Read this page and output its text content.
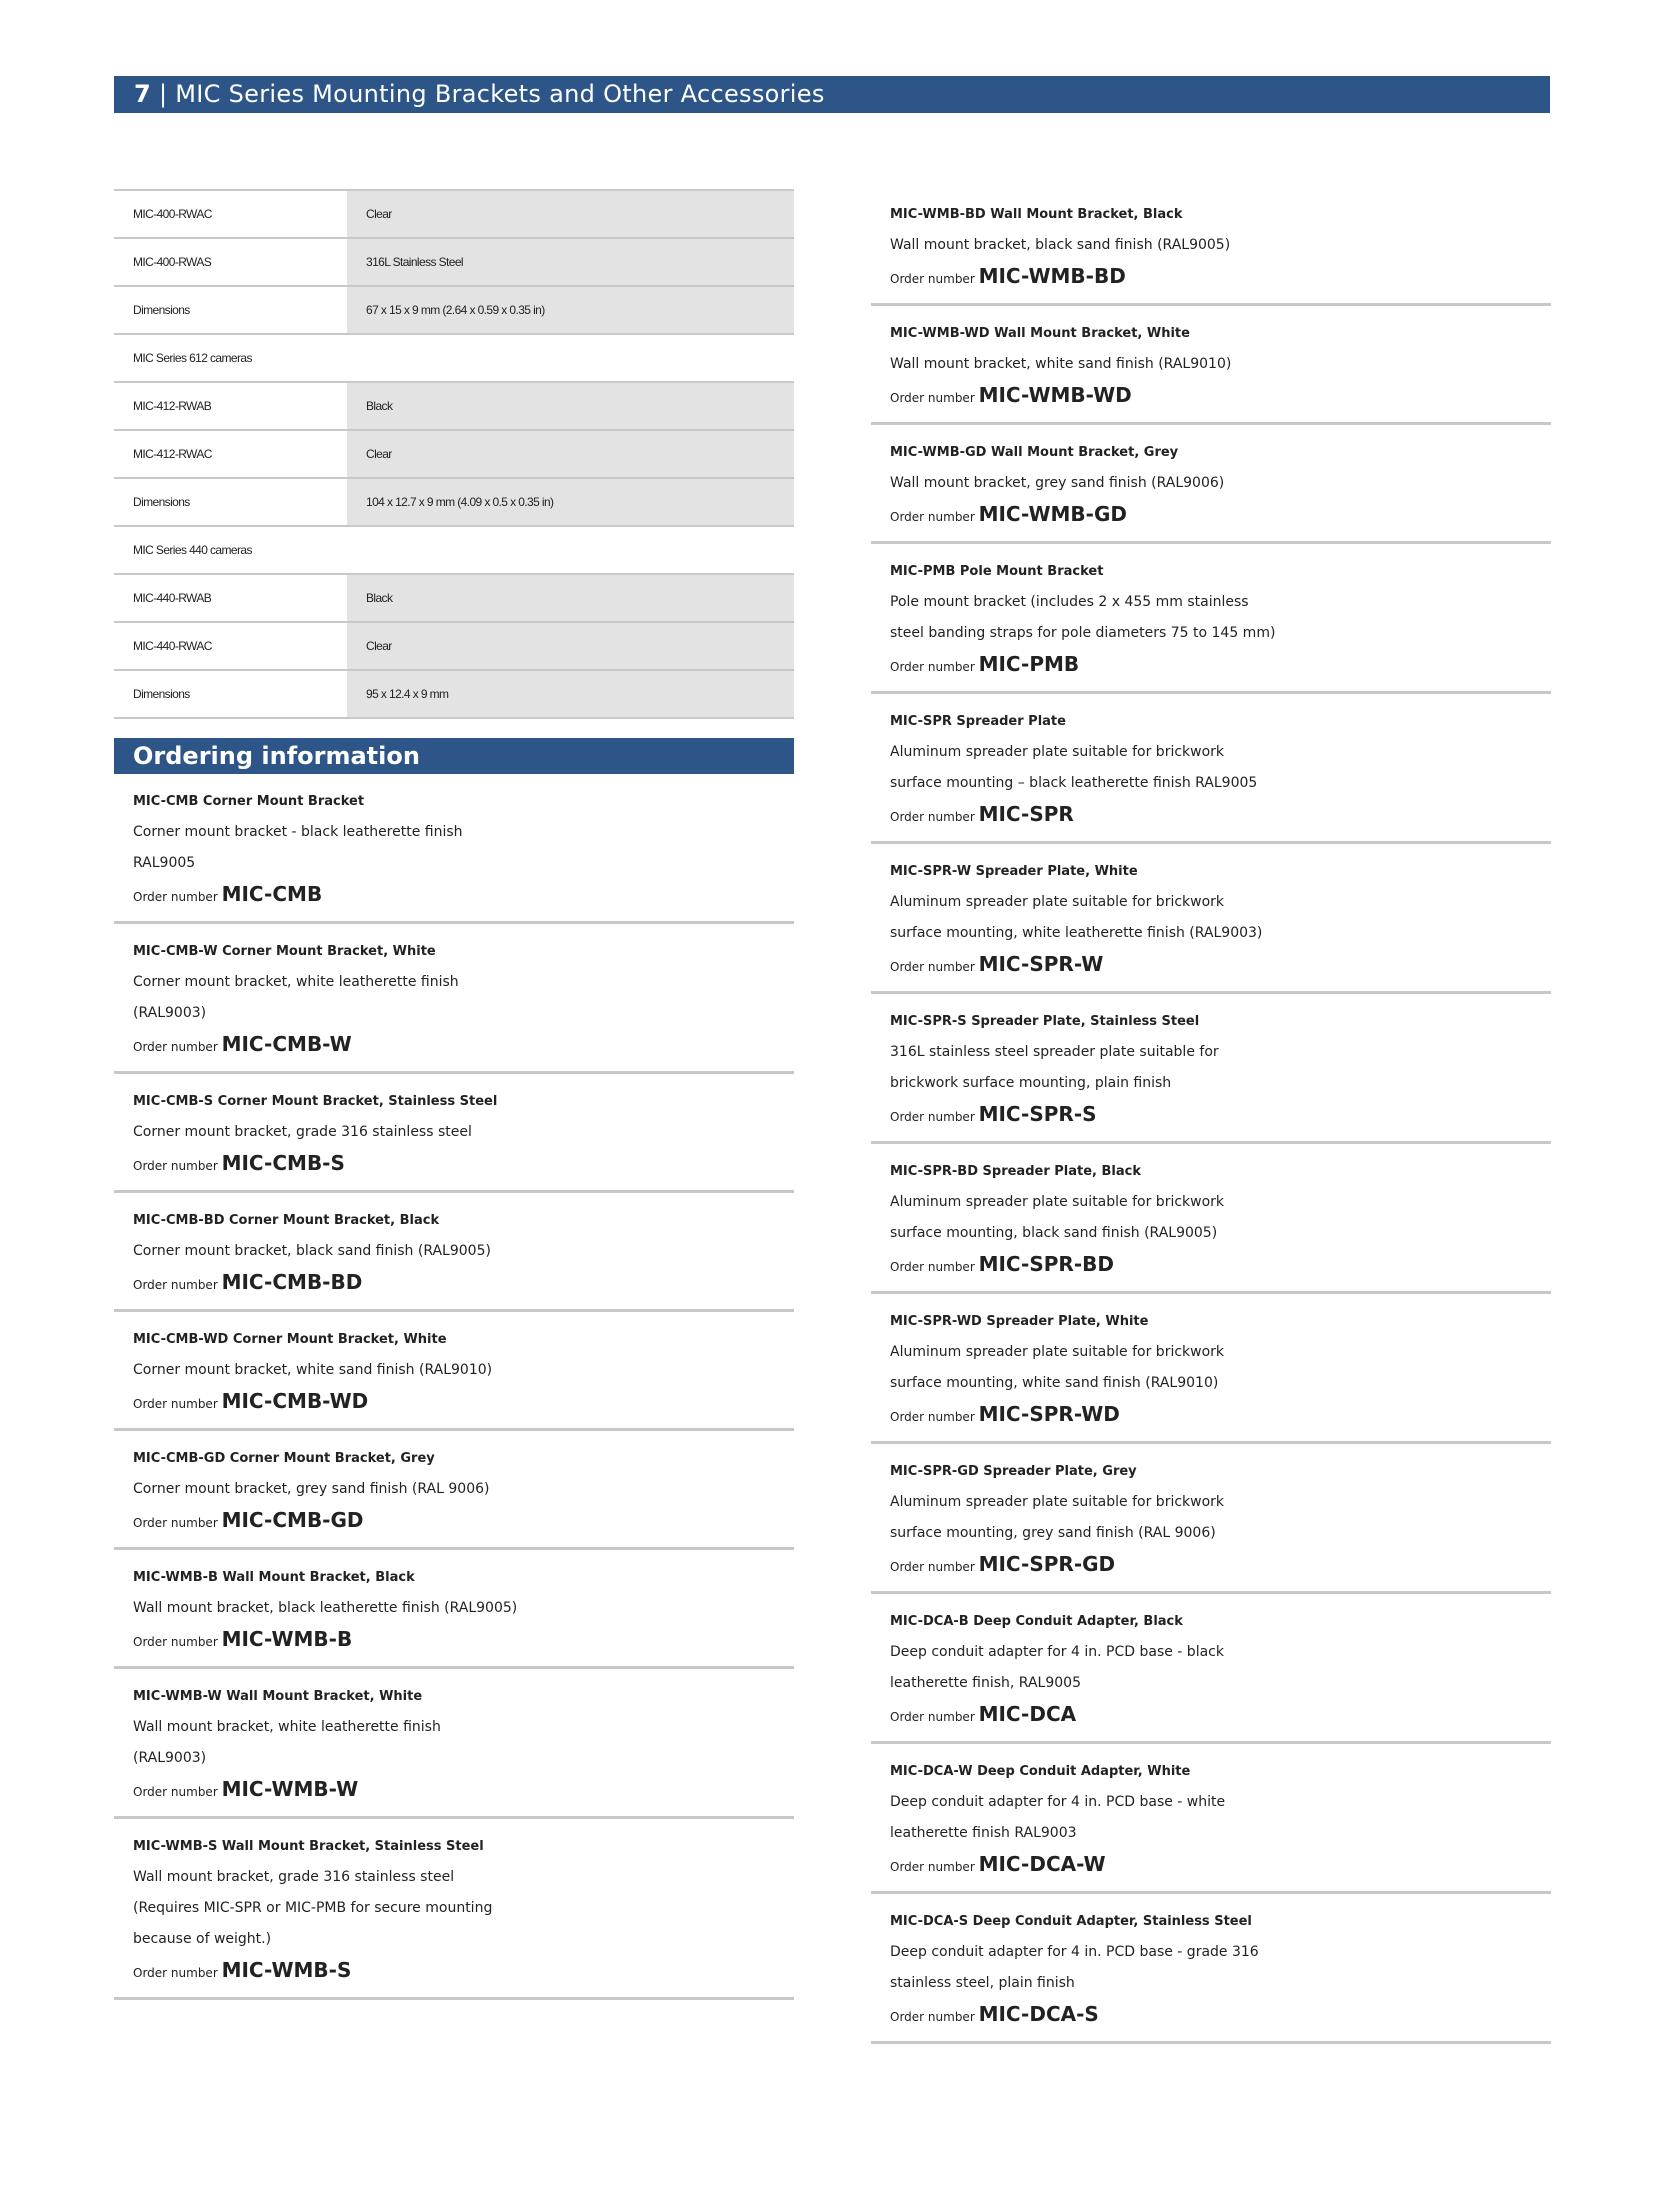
7 | MIC Series Mounting Brackets and Other Accessories
MIC-400-RWAC	Clear
MIC-400-RWAS	316L Stainless Steel
Dimensions	67 x 15 x 9 mm (2.64 x 0.59 x 0.35 in)
MIC Series 612 cameras	
MIC-412-RWAB	Black
MIC-412-RWAC	Clear
Dimensions	104 x 12.7 x 9 mm (4.09 x 0.5 x 0.35 in)
MIC Series 440 cameras	
MIC-440-RWAB	Black
MIC-440-RWAC	Clear
Dimensions	95 x 12.4 x 9 mm
Ordering information
MIC-CMB Corner Mount Bracket
Corner mount bracket - black leatherette finish
RAL9005
Order number MIC-CMB
MIC-CMB-W Corner Mount Bracket, White
Corner mount bracket, white leatherette finish
(RAL9003)
Order number MIC-CMB-W
MIC-CMB-S Corner Mount Bracket, Stainless Steel
Corner mount bracket, grade 316 stainless steel
Order number MIC-CMB-S
MIC-CMB-BD Corner Mount Bracket, Black
Corner mount bracket, black sand finish (RAL9005)
Order number MIC-CMB-BD
MIC-CMB-WD Corner Mount Bracket, White
Corner mount bracket, white sand finish (RAL9010)
Order number MIC-CMB-WD
MIC-CMB-GD Corner Mount Bracket, Grey
Corner mount bracket, grey sand finish (RAL 9006)
Order number MIC-CMB-GD
MIC-WMB-B Wall Mount Bracket, Black
Wall mount bracket, black leatherette finish (RAL9005)
Order number MIC-WMB-B
MIC-WMB-W Wall Mount Bracket, White
Wall mount bracket, white leatherette finish
(RAL9003)
Order number MIC-WMB-W
MIC-WMB-S Wall Mount Bracket, Stainless Steel
Wall mount bracket, grade 316 stainless steel
(Requires MIC-SPR or MIC-PMB for secure mounting
because of weight.)
Order number MIC-WMB-S
MIC-WMB-BD Wall Mount Bracket, Black
Wall mount bracket, black sand finish (RAL9005)
Order number MIC-WMB-BD
MIC-WMB-WD Wall Mount Bracket, White
Wall mount bracket, white sand finish (RAL9010)
Order number MIC-WMB-WD
MIC-WMB-GD Wall Mount Bracket, Grey
Wall mount bracket, grey sand finish (RAL9006)
Order number MIC-WMB-GD
MIC-PMB Pole Mount Bracket
Pole mount bracket (includes 2 x 455 mm stainless
steel banding straps for pole diameters 75 to 145 mm)
Order number MIC-PMB
MIC-SPR Spreader Plate
Aluminum spreader plate suitable for brickwork
surface mounting – black leatherette finish RAL9005
Order number MIC-SPR
MIC-SPR-W Spreader Plate, White
Aluminum spreader plate suitable for brickwork
surface mounting, white leatherette finish (RAL9003)
Order number MIC-SPR-W
MIC-SPR-S Spreader Plate, Stainless Steel
316L stainless steel spreader plate suitable for
brickwork surface mounting, plain finish
Order number MIC-SPR-S
MIC-SPR-BD Spreader Plate, Black
Aluminum spreader plate suitable for brickwork
surface mounting, black sand finish (RAL9005)
Order number MIC-SPR-BD
MIC-SPR-WD Spreader Plate, White
Aluminum spreader plate suitable for brickwork
surface mounting, white sand finish (RAL9010)
Order number MIC-SPR-WD
MIC-SPR-GD Spreader Plate, Grey
Aluminum spreader plate suitable for brickwork
surface mounting, grey sand finish (RAL 9006)
Order number MIC-SPR-GD
MIC-DCA-B Deep Conduit Adapter, Black
Deep conduit adapter for 4 in. PCD base - black
leatherette finish, RAL9005
Order number MIC-DCA
MIC-DCA-W Deep Conduit Adapter, White
Deep conduit adapter for 4 in. PCD base - white
leatherette finish RAL9003
Order number MIC-DCA-W
MIC-DCA-S Deep Conduit Adapter, Stainless Steel
Deep conduit adapter for 4 in. PCD base - grade 316
stainless steel, plain finish
Order number MIC-DCA-S
